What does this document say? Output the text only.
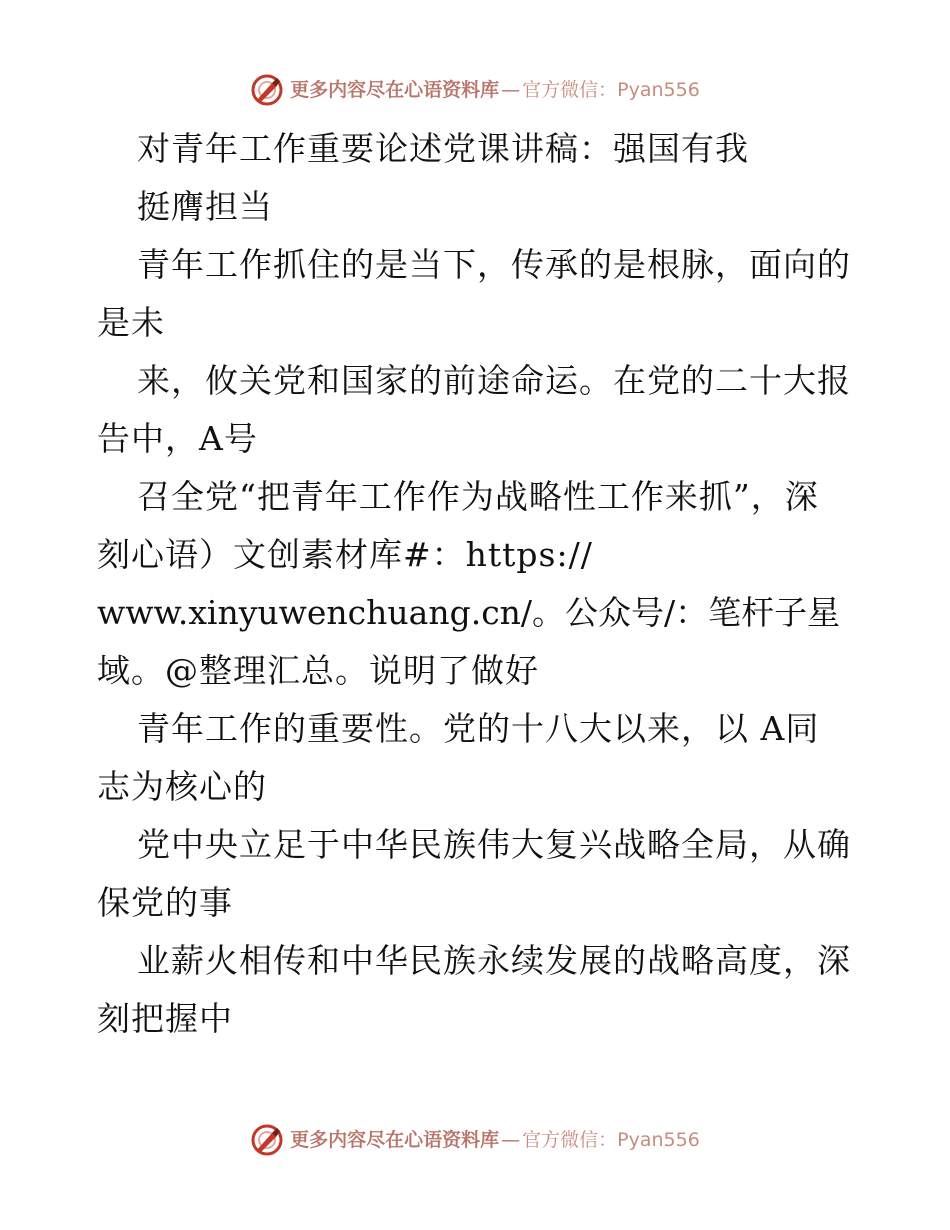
更多内容尽在心语资料库 — 官方微信：Pyan556
对青年工作重要论述党课讲稿：强国有我
挺膺担当
青年工作抓住的是当下，传承的是根脉，面向的
是未
来，攸关党和国家的前途命运。在党的二十大报
告中，A号
召全党“把青年工作作为战略性工作来抓”，深
刻心语）文创素材库#：https://
www.xinyuwenchuang.cn/。公众号/：笔杆子星
域。@整理汇总。说明了做好
青年工作的重要性。党的十八大以来，以 A同
志为核心的
党中央立足于中华民族伟大复兴战略全局，从确
保党的事
业薪火相传和中华民族永续发展的战略高度，深
刻把握中
更多内容尽在心语资料库 — 官方微信：Pyan556
